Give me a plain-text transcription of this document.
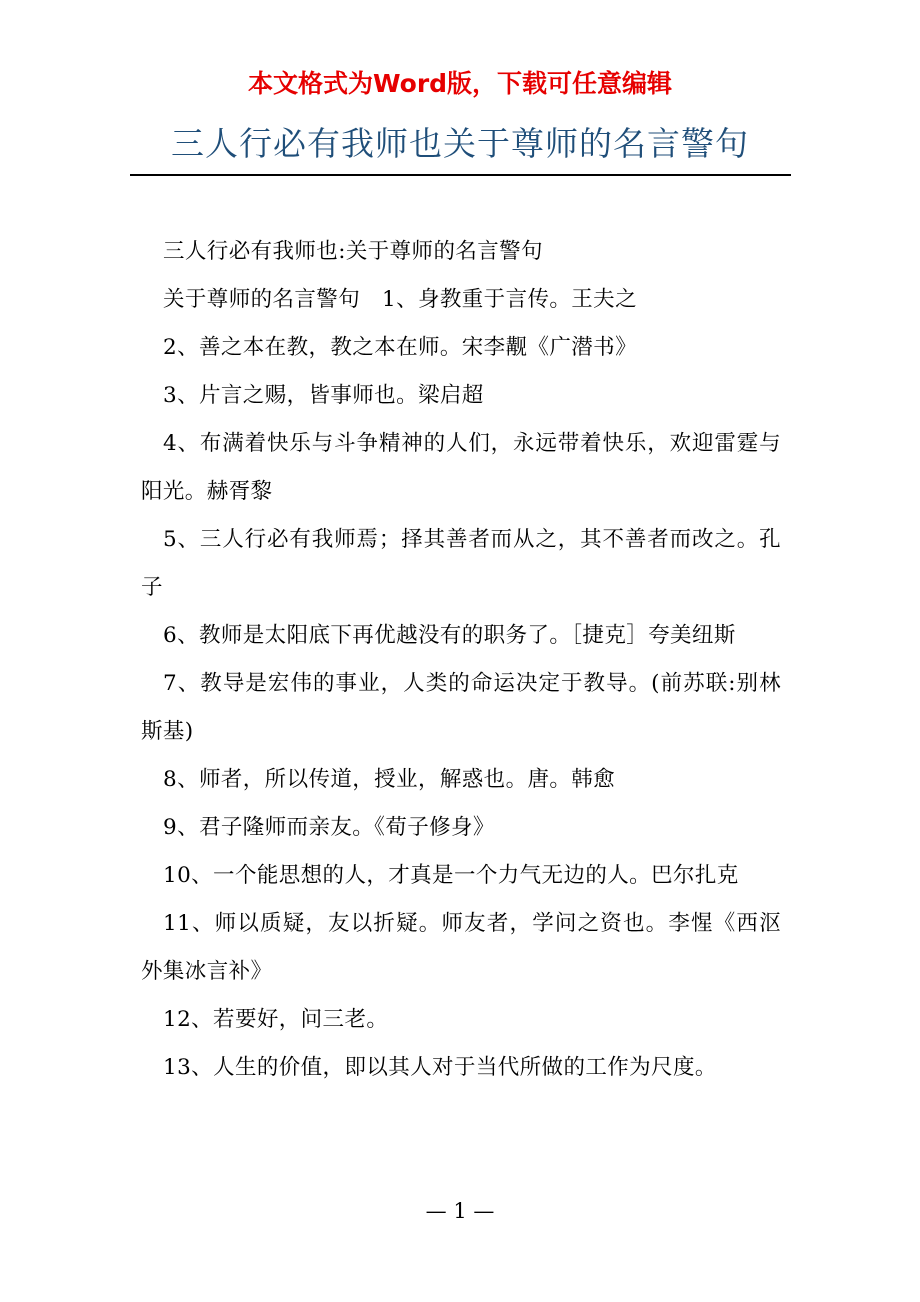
本文格式为Word版，下载可任意编辑
三人行必有我师也关于尊师的名言警句

三人行必有我师也:关于尊师的名言警句

关于尊师的名言警句　1、身教重于言传。王夫之

2、善之本在教，教之本在师。宋李觏《广潜书》

3、片言之赐，皆事师也。梁启超

4、布满着快乐与斗争精神的人们，永远带着快乐，欢迎雷霆与阳光。赫胥黎

5、三人行必有我师焉；择其善者而从之，其不善者而改之。孔子

6、教师是太阳底下再优越没有的职务了。［捷克］夸美纽斯

7、教导是宏伟的事业，人类的命运决定于教导。(前苏联:别林斯基)

8、师者，所以传道，授业，解惑也。唐。韩愈

9、君子隆师而亲友。《荀子修身》

10、一个能思想的人，才真是一个力气无边的人。巴尔扎克

11、师以质疑，友以折疑。师友者，学问之资也。李惺《西沤外集冰言补》

12、若要好，问三老。

13、人生的价值，即以其人对于当代所做的工作为尺度。

— 1 —
